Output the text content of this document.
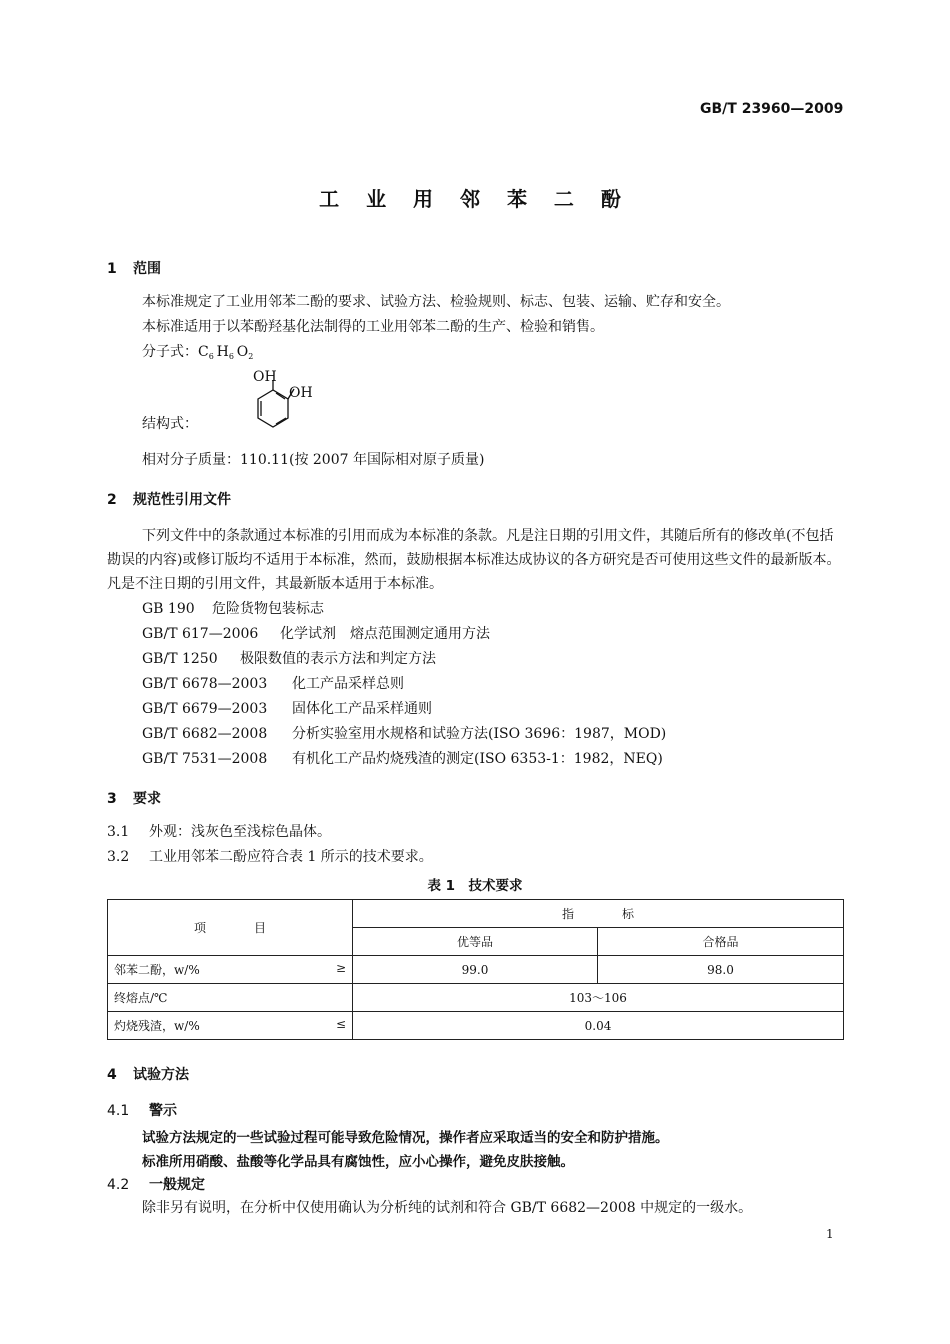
GB/T 23960—2009
工 业 用 邻 苯 二 酚
1 范围
本标准规定了工业用邻苯二酚的要求、试验方法、检验规则、标志、包装、运输、贮存和安全。
本标准适用于以苯酚羟基化法制得的工业用邻苯二酚的生产、检验和销售。
分子式：$C_6$  $H_6$  $O_2$
结构式：
OH
OH
相对分子质量：110.11(按 2007 年国际相对原子质量)
2 规范性引用文件
下列文件中的条款通过本标准的引用而成为本标准的条款。凡是注日期的引用文件，其随后所有的修改单(不包括勘误的内容)或修订版均不适用于本标准，然而，鼓励根据本标准达成协议的各方研究是否可使用这些文件的最新版本。凡是不注日期的引用文件，其最新版本适用于本标准。
GB 190 危险货物包装标志
GB/T 617—2006 化学试剂　熔点范围测定通用方法
GB/T 1250 极限数值的表示方法和判定方法
GB/T 6678—2003 化工产品采样总则
GB/T 6679—2003 固体化工产品采样通则
GB/T 6682—2008 分析实验室用水规格和试验方法(ISO 3696：1987，MOD)
GB/T 7531—2008 有机化工产品灼烧残渣的测定(ISO 6353-1：1982，NEQ)
3 要求
3.1 外观：浅灰色至浅棕色晶体。
3.2 工业用邻苯二酚应符合表 1 所示的技术要求。
表 1　技术要求
项　　　　目	指　　　　标	
	优等品	合格品
邻苯二酚，w/% ≥	99.0	98.0
终熔点/℃	103～106	
灼烧残渣，w/% ≤	0.04	
4 试验方法
4.1 警示
试验方法规定的一些试验过程可能导致危险情况，操作者应采取适当的安全和防护措施。
标准所用硝酸、盐酸等化学品具有腐蚀性，应小心操作，避免皮肤接触。
4.2 一般规定
除非另有说明，在分析中仅使用确认为分析纯的试剂和符合 GB/T 6682—2008 中规定的一级水。
1
